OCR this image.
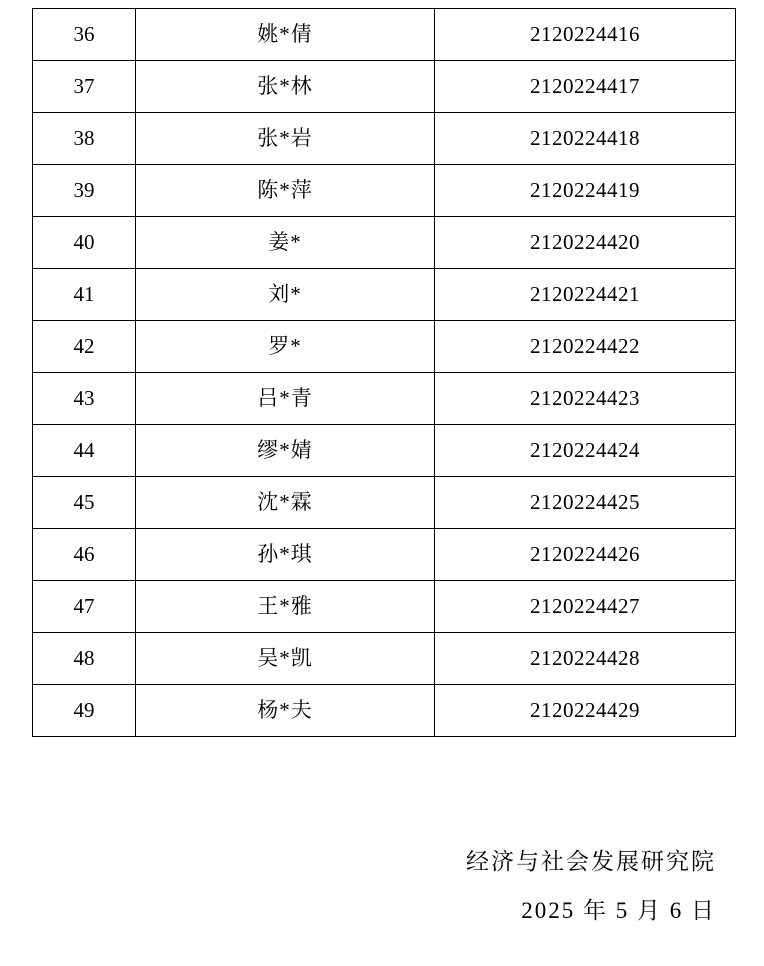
36	姚*倩	2120224416
37	张*林	2120224417
38	张*岩	2120224418
39	陈*萍	2120224419
40	姜*	2120224420
41	刘*	2120224421
42	罗*	2120224422
43	吕*青	2120224423
44	缪*婧	2120224424
45	沈*霖	2120224425
46	孙*琪	2120224426
47	王*雅	2120224427
48	吴*凯	2120224428
49	杨*夫	2120224429
经济与社会发展研究院
2025 年 5 月 6 日
